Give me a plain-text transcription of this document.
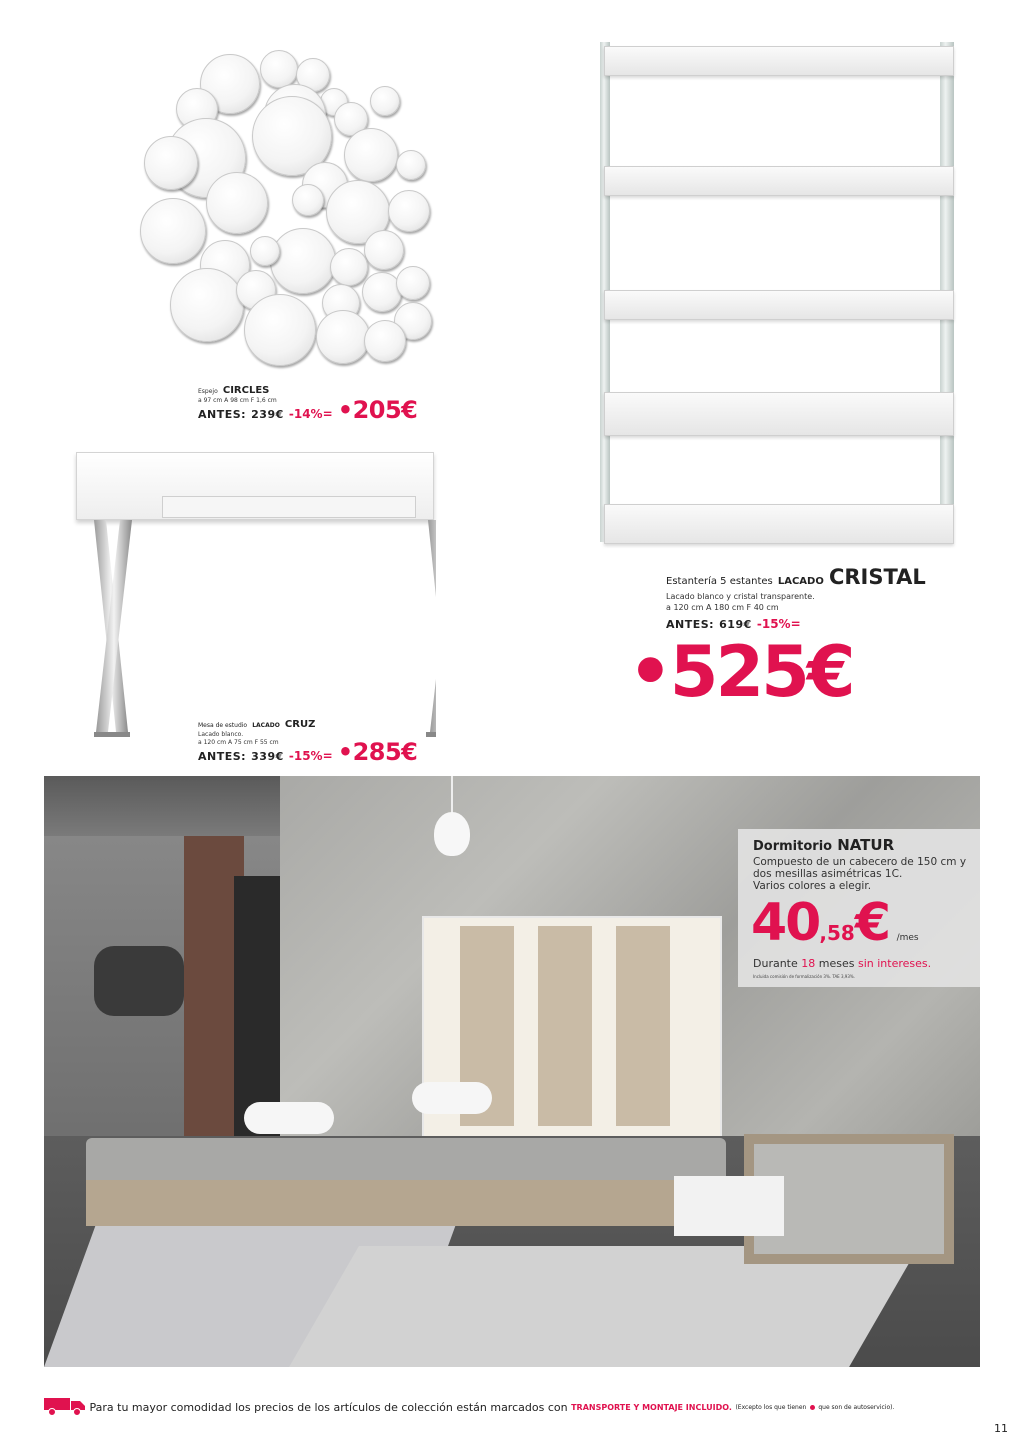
Espejo CIRCLES
a 97 cm A 98 cm F 1,6 cm
ANTES: 239€ -14%= •205€
Estantería 5 estantes LACADO CRISTAL
Lacado blanco y cristal transparente.
a 120 cm A 180 cm F 40 cm
ANTES: 619€ -15%=
•525€
Mesa de estudio LACADO CRUZ
Lacado blanco.
a 120 cm A 75 cm F 55 cm
ANTES: 339€ -15%= •285€
Dormitorio NATUR
Compuesto de un cabecero de 150 cm y
dos mesillas asimétricas 1C.
Varios colores a elegir.
40,58€ /mes
Durante 18 meses sin intereses.
Incluida comisión de formalización 3%. TAE 3,93%.
Para tu mayor comodidad los precios de los artículos de colección están marcados con TRANSPORTE Y MONTAJE INCLUIDO. (Excepto los que tienen que son de autoservicio).
11
